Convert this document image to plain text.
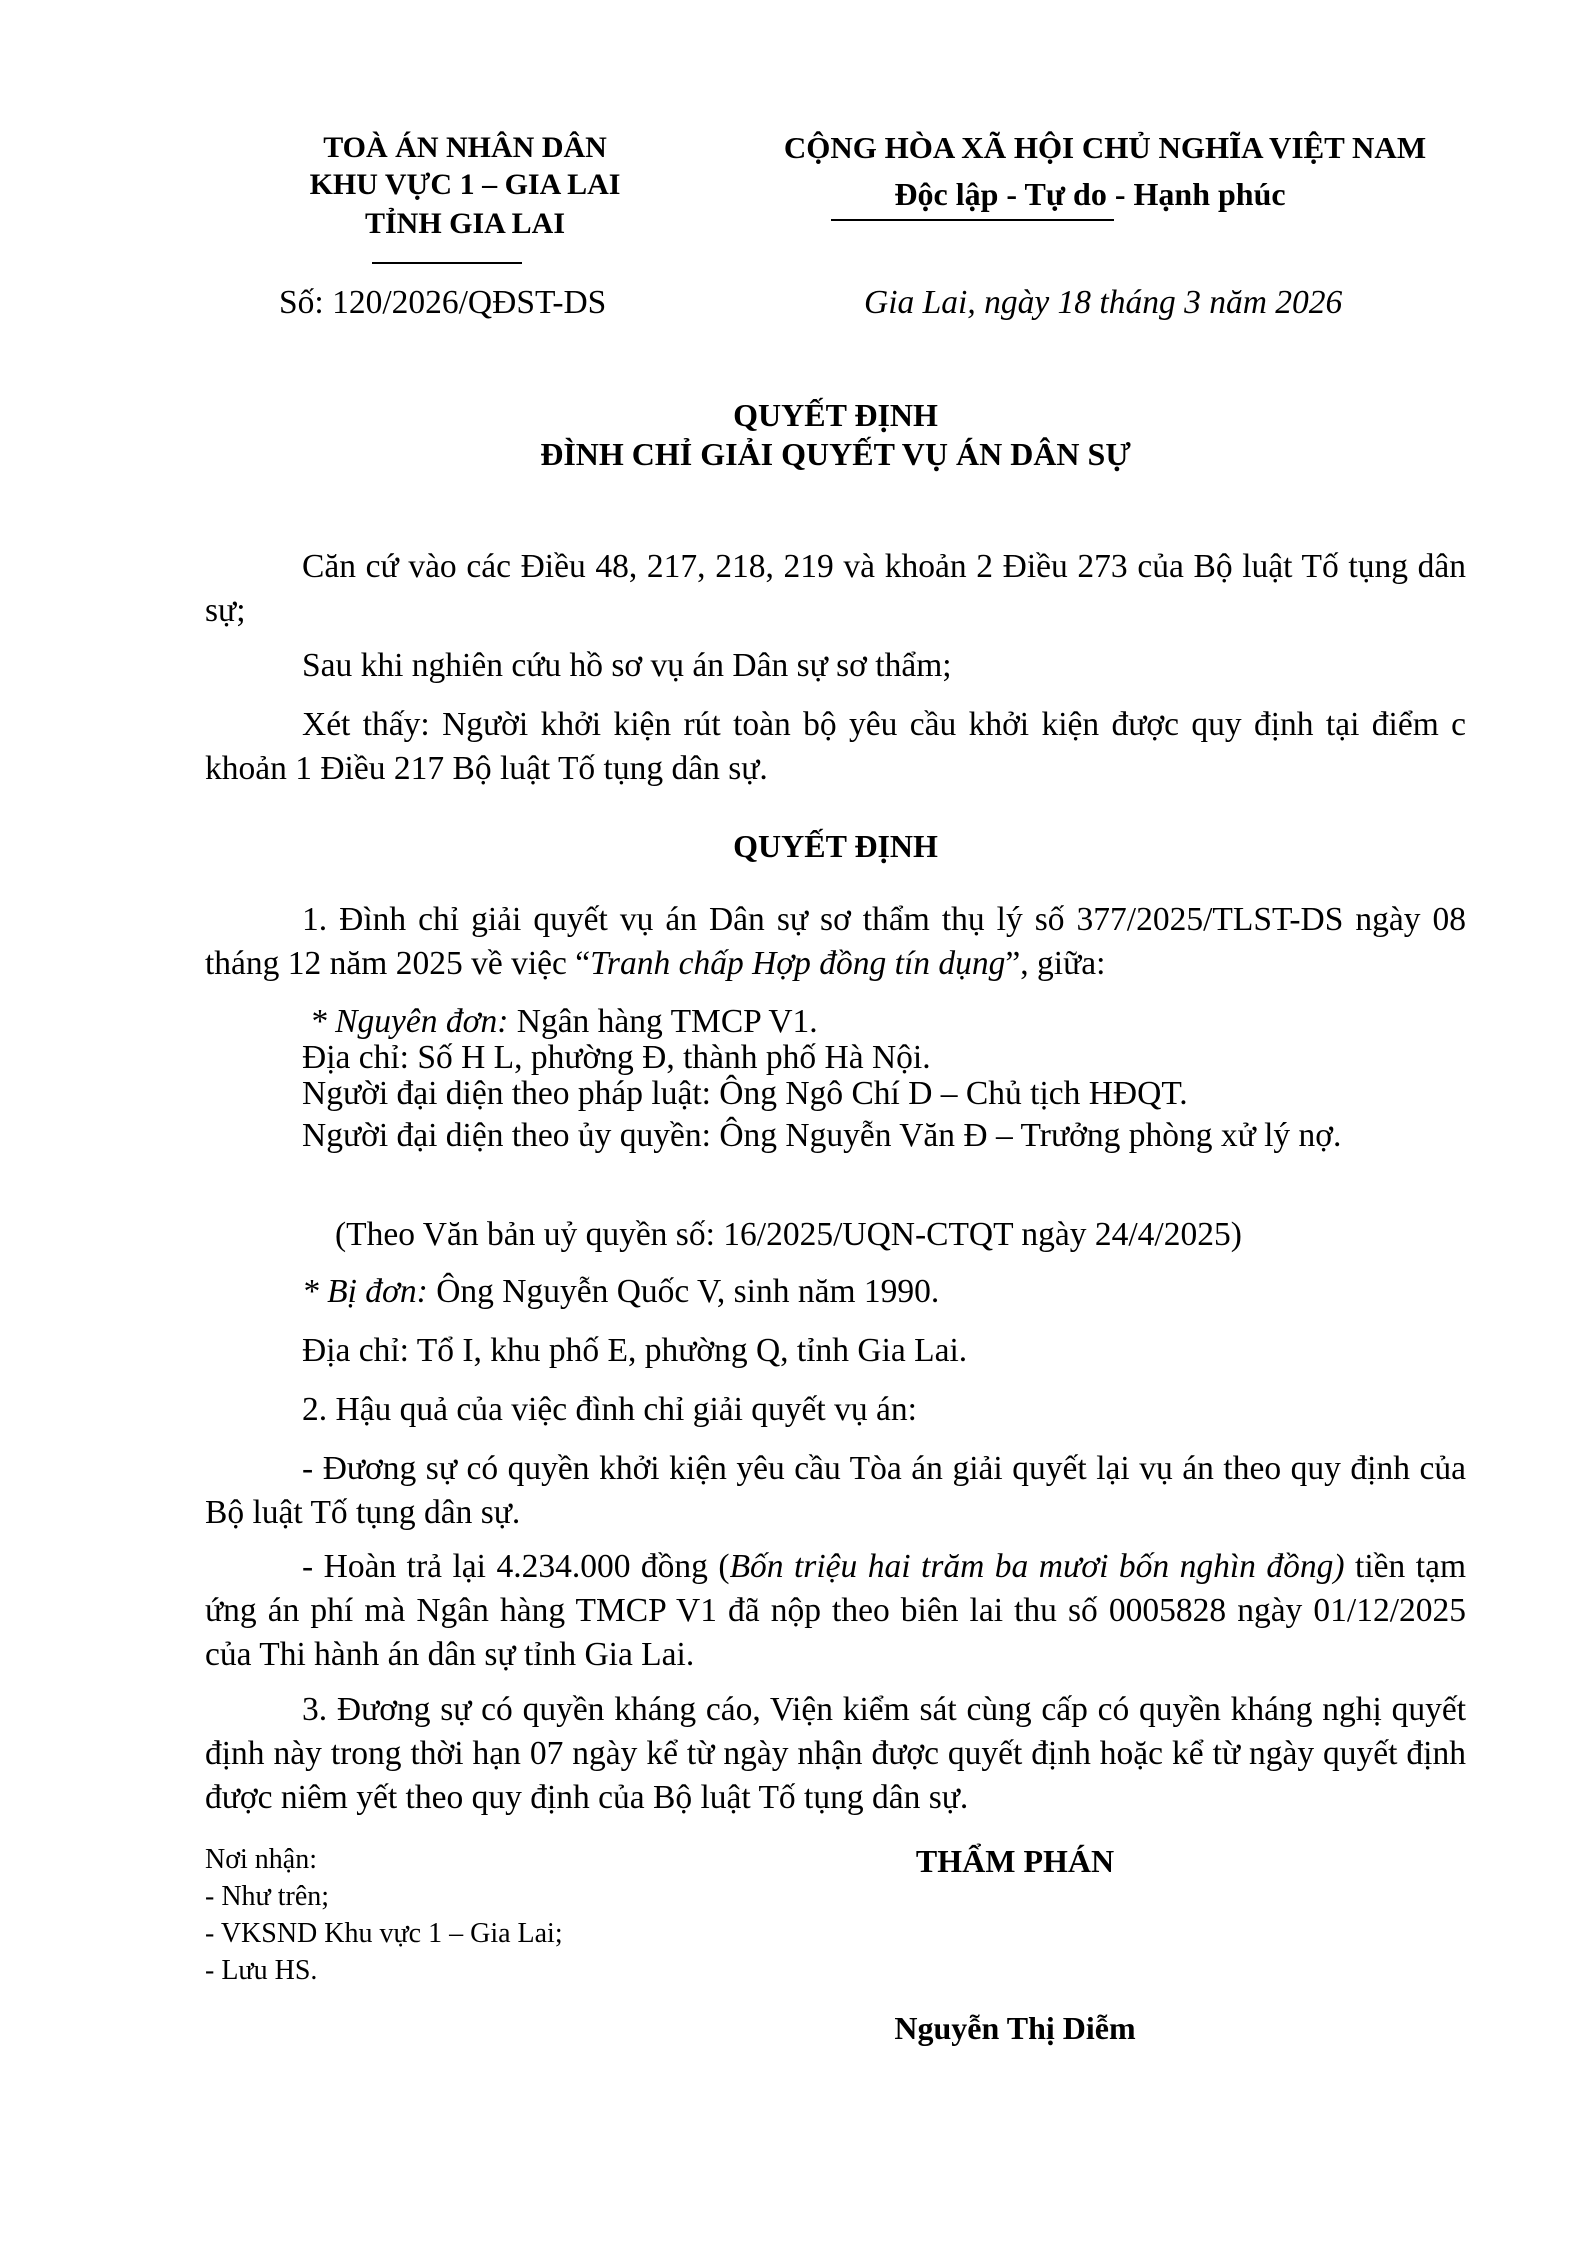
TOÀ ÁN NHÂN DÂN
KHU VỰC 1 – GIA LAI
TỈNH GIA LAI
Số: 120/2026/QĐST-DS
CỘNG HÒA XÃ HỘI CHỦ NGHĨA VIỆT NAM
Độc lập - Tự do - Hạnh phúc
Gia Lai, ngày 18 tháng 3 năm 2026
QUYẾT ĐỊNH
ĐÌNH CHỈ GIẢI QUYẾT VỤ ÁN DÂN SỰ
Căn cứ vào các Điều 48, 217, 218, 219 và khoản 2 Điều 273 của Bộ luật Tố tụng dân sự;
Sau khi nghiên cứu hồ sơ vụ án Dân sự sơ thẩm;
Xét thấy: Người khởi kiện rút toàn bộ yêu cầu khởi kiện được quy định tại điểm c khoản 1 Điều 217 Bộ luật Tố tụng dân sự.
QUYẾT ĐỊNH
1. Đình chỉ giải quyết vụ án Dân sự sơ thẩm thụ lý số 377/2025/TLST-DS ngày 08 tháng 12 năm 2025 về việc “Tranh chấp Hợp đồng tín dụng”, giữa:
* Nguyên đơn: Ngân hàng TMCP V1.
Địa chỉ: Số H L, phường Đ, thành phố Hà Nội.
Người đại diện theo pháp luật: Ông Ngô Chí D – Chủ tịch HĐQT.
Người đại diện theo ủy quyền: Ông Nguyễn Văn Đ – Trưởng phòng xử lý nợ.
(Theo Văn bản uỷ quyền số: 16/2025/UQN-CTQT ngày 24/4/2025)
* Bị đơn: Ông Nguyễn Quốc V, sinh năm 1990.
Địa chỉ: Tổ I, khu phố E, phường Q, tỉnh Gia Lai.
2. Hậu quả của việc đình chỉ giải quyết vụ án:
- Đương sự có quyền khởi kiện yêu cầu Tòa án giải quyết lại vụ án theo quy định của Bộ luật Tố tụng dân sự.
- Hoàn trả lại 4.234.000 đồng (Bốn triệu hai trăm ba mươi bốn nghìn đồng) tiền tạm ứng án phí mà Ngân hàng TMCP V1 đã nộp theo biên lai thu số 0005828 ngày 01/12/2025 của Thi hành án dân sự tỉnh Gia Lai.
3. Đương sự có quyền kháng cáo, Viện kiểm sát cùng cấp có quyền kháng nghị quyết định này trong thời hạn 07 ngày kể từ ngày nhận được quyết định hoặc kể từ ngày quyết định được niêm yết theo quy định của Bộ luật Tố tụng dân sự.
Nơi nhận:
- Như trên;
- VKSND Khu vực 1 – Gia Lai;
- Lưu HS.
THẨM PHÁN
Nguyễn Thị Diễm
